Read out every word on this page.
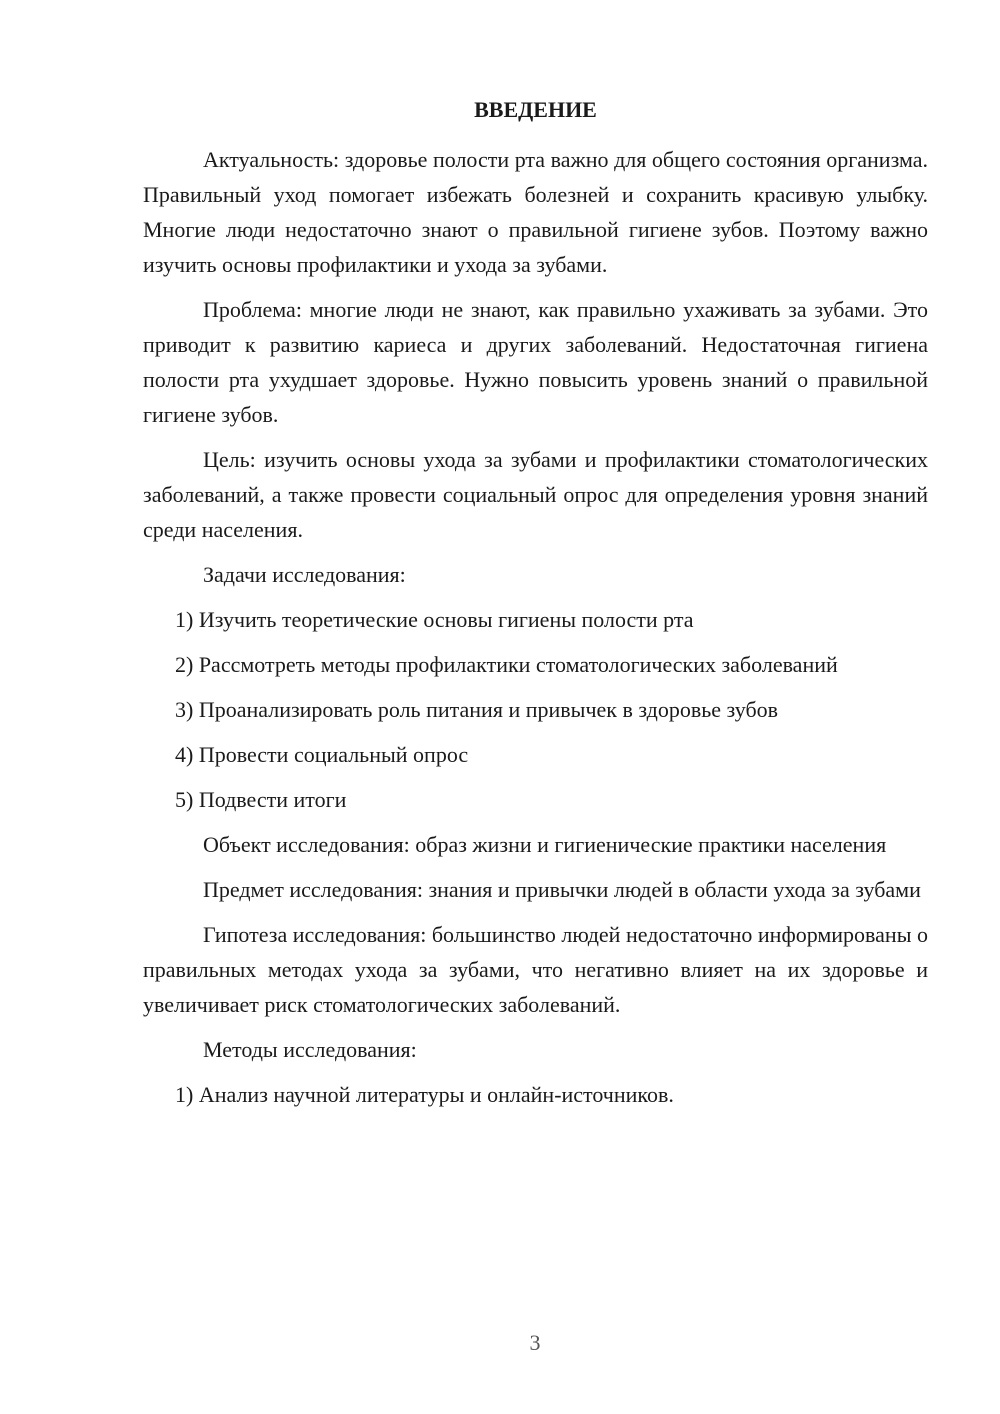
ВВЕДЕНИЕ

Актуальность: здоровье полости рта важно для общего состояния организма. Правильный уход помогает избежать болезней и сохранить красивую улыбку. Многие люди недостаточно знают о правильной гигиене зубов. Поэтому важно изучить основы профилактики и ухода за зубами.

Проблема: многие люди не знают, как правильно ухаживать за зубами. Это приводит к развитию кариеса и других заболеваний. Недостаточная гигиена полости рта ухудшает здоровье. Нужно повысить уровень знаний о правильной гигиене зубов.

Цель: изучить основы ухода за зубами и профилактики стоматологических заболеваний, а также провести социальный опрос для определения уровня знаний среди населения.

Задачи исследования:

1) Изучить теоретические основы гигиены полости рта

2) Рассмотреть методы профилактики стоматологических заболеваний

3) Проанализировать роль питания и привычек в здоровье зубов

4) Провести социальный опрос

5) Подвести итоги

Объект исследования: образ жизни и гигиенические практики населения

Предмет исследования: знания и привычки людей в области ухода за зубами

Гипотеза исследования: большинство людей недостаточно информированы о правильных методах ухода за зубами, что негативно влияет на их здоровье и увеличивает риск стоматологических заболеваний.

Методы исследования:

1) Анализ научной литературы и онлайн-источников.

3
